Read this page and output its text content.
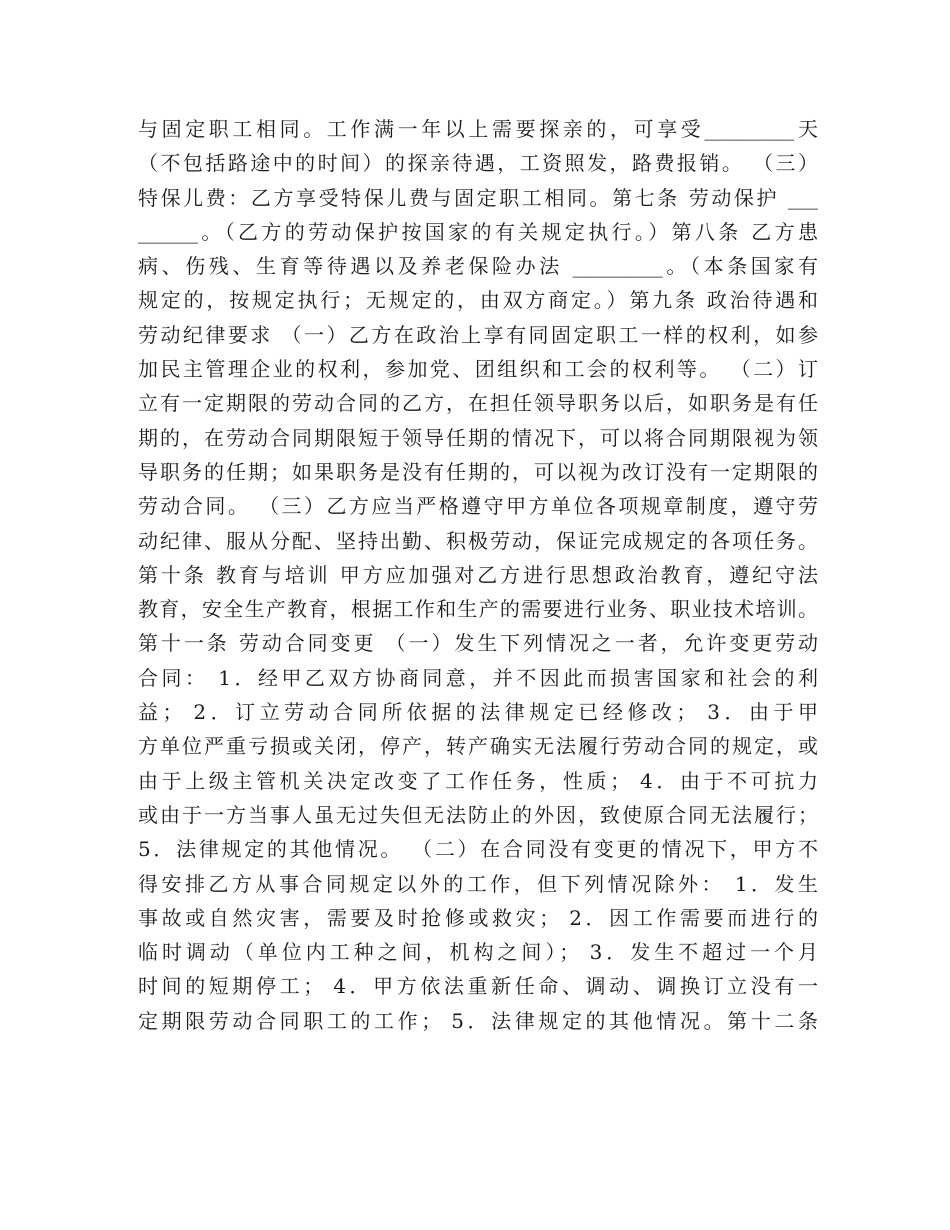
与固定职工相同。工作满一年以上需要探亲的，可享受_________天
（不包括路途中的时间）的探亲待遇，工资照发，路费报销。 （三）
特保儿费：乙方享受特保儿费与固定职工相同。第七条 劳动保护 ___
______。（乙方的劳动保护按国家的有关规定执行。）第八条 乙方患
病、伤残、生育等待遇以及养老保险办法 _________。（本条国家有
规定的，按规定执行；无规定的，由双方商定。）第九条 政治待遇和
劳动纪律要求 （一）乙方在政治上享有同固定职工一样的权利，如参
加民主管理企业的权利，参加党、团组织和工会的权利等。 （二）订
立有一定期限的劳动合同的乙方，在担任领导职务以后，如职务是有任
期的，在劳动合同期限短于领导任期的情况下，可以将合同期限视为领
导职务的任期；如果职务是没有任期的，可以视为改订没有一定期限的
劳动合同。 （三）乙方应当严格遵守甲方单位各项规章制度，遵守劳
动纪律、服从分配、坚持出勤、积极劳动，保证完成规定的各项任务。
第十条 教育与培训 甲方应加强对乙方进行思想政治教育，遵纪守法
教育，安全生产教育，根据工作和生产的需要进行业务、职业技术培训。
第十一条 劳动合同变更 （一）发生下列情况之一者，允许变更劳动
合同： 1．经甲乙双方协商同意，并不因此而损害国家和社会的利
益； 2．订立劳动合同所依据的法律规定已经修改； 3．由于甲
方单位严重亏损或关闭，停产，转产确实无法履行劳动合同的规定，或
由于上级主管机关决定改变了工作任务，性质； 4．由于不可抗力
或由于一方当事人虽无过失但无法防止的外因，致使原合同无法履行；
5．法律规定的其他情况。 （二）在合同没有变更的情况下，甲方不
得安排乙方从事合同规定以外的工作，但下列情况除外： 1．发生
事故或自然灾害，需要及时抢修或救灾； 2．因工作需要而进行的
临时调动（单位内工种之间，机构之间）； 3．发生不超过一个月
时间的短期停工； 4．甲方依法重新任命、调动、调换订立没有一
定期限劳动合同职工的工作； 5．法律规定的其他情况。第十二条
